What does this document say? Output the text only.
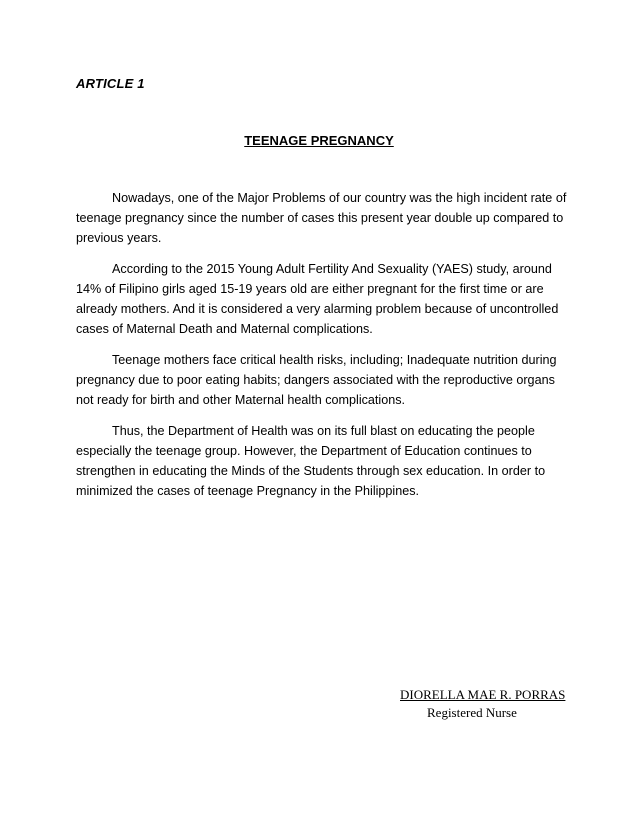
ARTICLE 1
TEENAGE PREGNANCY

Nowadays, one of the Major Problems of our country was the high incident rate of teenage pregnancy since the number of cases this present year double up compared to previous years.

According to the 2015 Young Adult Fertility And Sexuality (YAES) study, around 14% of Filipino girls aged 15-19 years old are either pregnant for the first time or are already mothers. And it is considered a very alarming problem because of uncontrolled cases of Maternal Death and Maternal complications.

Teenage mothers face critical health risks, including; Inadequate nutrition during pregnancy due to poor eating habits; dangers associated with the reproductive organs not ready for birth and other Maternal health complications.

Thus, the Department of Health was on its full blast on educating the people especially the teenage group. However, the Department of Education continues to strengthen in educating the Minds of the Students through sex education. In order to minimized the cases of teenage Pregnancy in the Philippines.

DIORELLA MAE R. PORRAS
Registered Nurse
